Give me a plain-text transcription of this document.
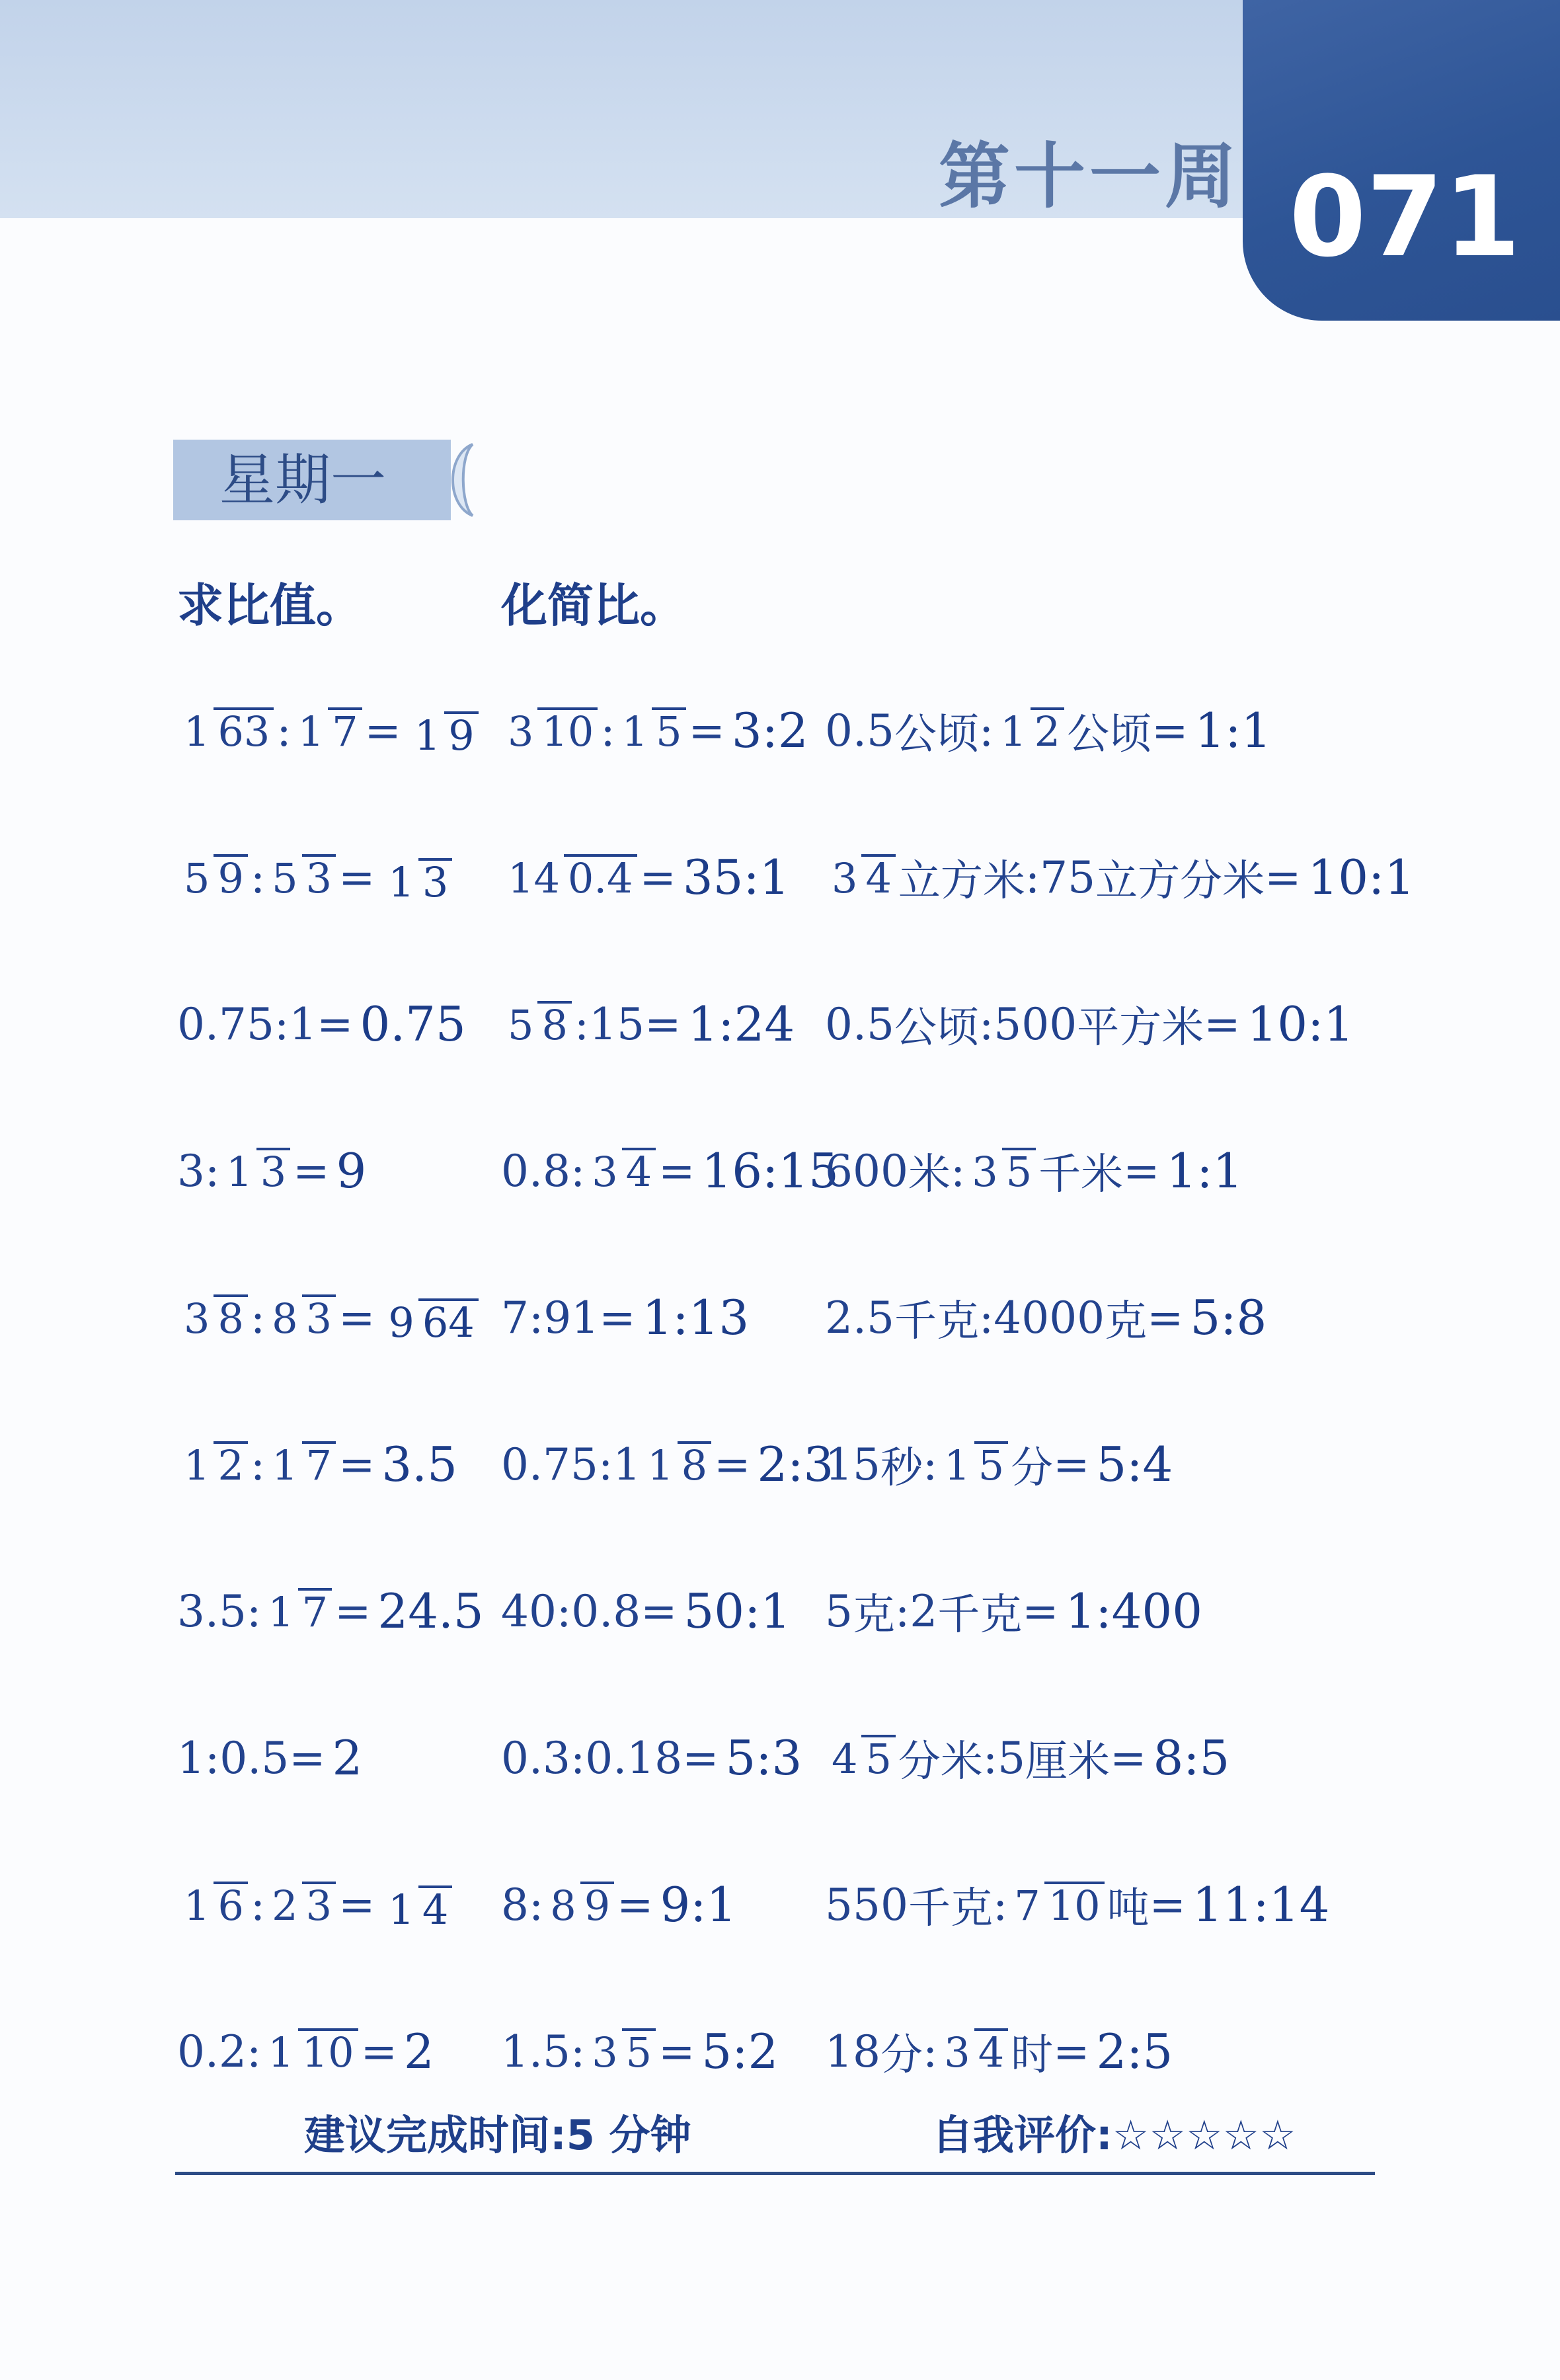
第十一周 071
星期一
求比值。	化简比。
1 63 : 1 7 = 1 9
5 9 : 5 3 = 1 3
0.75:1= 0.75
3: 1 3 = 9
3 8 : 8 3 = 9 64
1 2 : 1 7 = 3.5
3.5: 1 7 = 24.5
1:0.5= 2
1 6 : 2 3 = 1 4
0.2: 1 10 = 2
3 10 : 1 5 = 3:2
14 0.4 = 35:1
5 8 :15= 1:24
0.8: 3 4 = 16:15
7:91= 1:13
0.75:1 1 8 = 2:3
40:0.8= 50:1
0.3:0.18= 5:3
8: 8 9 = 9:1
1.5: 3 5 = 5:2
0.5 公顷 : 1 2 公顷 = 1:1
3 4 立方米 :75 立方分米 = 10:1
0.5 公顷 :500 平方米 = 10:1
600 米 : 3 5 千米 = 1:1
2.5 千克 :4000 克 = 5:8
15 秒 : 1 5 分 = 5:4
5 克 :2 千克 = 1:400
4 5 分米 :5 厘米 = 8:5
550 千克 : 7 10 吨 = 11:14
18 分 : 3 4 时 = 2:5
建议完成时间:5 分钟	自我评价:☆☆☆☆☆
